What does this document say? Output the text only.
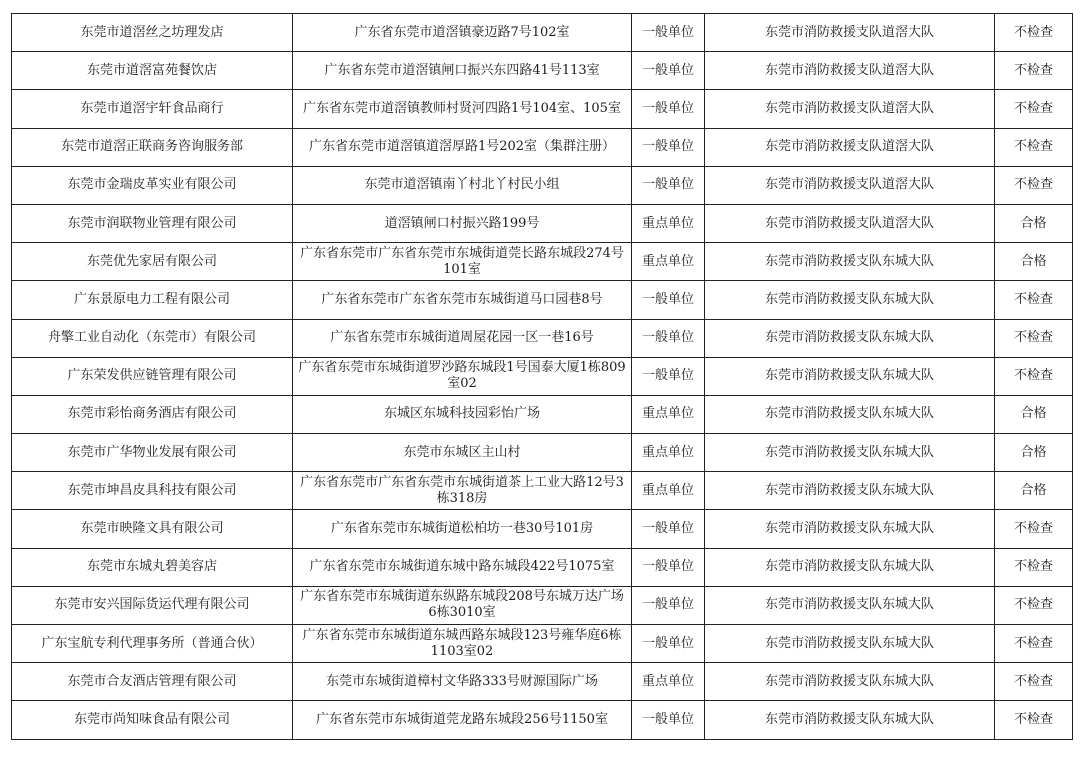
东莞市道滘丝之坊理发店	广东省东莞市道滘镇豪迈路7号102室	一般单位	东莞市消防救援支队道滘大队	不检查
东莞市道滘富苑餐饮店	广东省东莞市道滘镇闸口振兴东四路41号113室	一般单位	东莞市消防救援支队道滘大队	不检查
东莞市道滘宇轩食品商行	广东省东莞市道滘镇教师村贤河四路1号104室、105室	一般单位	东莞市消防救援支队道滘大队	不检查
东莞市道滘正联商务咨询服务部	广东省东莞市道滘镇道滘厚路1号202室（集群注册）	一般单位	东莞市消防救援支队道滘大队	不检查
东莞市金瑞皮革实业有限公司	东莞市道滘镇南丫村北丫村民小组	一般单位	东莞市消防救援支队道滘大队	不检查
东莞市润联物业管理有限公司	道滘镇闸口村振兴路199号	重点单位	东莞市消防救援支队道滘大队	合格
东莞优先家居有限公司	广东省东莞市广东省东莞市东城街道莞长路东城段274号101室	重点单位	东莞市消防救援支队东城大队	合格
广东景原电力工程有限公司	广东省东莞市广东省东莞市东城街道马口园巷8号	一般单位	东莞市消防救援支队东城大队	不检查
舟擎工业自动化（东莞市）有限公司	广东省东莞市东城街道周屋花园一区一巷16号	一般单位	东莞市消防救援支队东城大队	不检查
广东荣发供应链管理有限公司	广东省东莞市东城街道罗沙路东城段1号国泰大厦1栋809室02	一般单位	东莞市消防救援支队东城大队	不检查
东莞市彩怡商务酒店有限公司	东城区东城科技园彩怡广场	重点单位	东莞市消防救援支队东城大队	合格
东莞市广华物业发展有限公司	东莞市东城区主山村	重点单位	东莞市消防救援支队东城大队	合格
东莞市坤昌皮具科技有限公司	广东省东莞市广东省东莞市东城街道茶上工业大路12号3栋318房	重点单位	东莞市消防救援支队东城大队	合格
东莞市映隆文具有限公司	广东省东莞市东城街道松柏坊一巷30号101房	一般单位	东莞市消防救援支队东城大队	不检查
东莞市东城丸碧美容店	广东省东莞市东城街道东城中路东城段422号1075室	一般单位	东莞市消防救援支队东城大队	不检查
东莞市安兴国际货运代理有限公司	广东省东莞市东城街道东纵路东城段208号东城万达广场6栋3010室	一般单位	东莞市消防救援支队东城大队	不检查
广东宝航专利代理事务所（普通合伙）	广东省东莞市东城街道东城西路东城段123号雍华庭6栋1103室02	一般单位	东莞市消防救援支队东城大队	不检查
东莞市合友酒店管理有限公司	东莞市东城街道樟村文华路333号财源国际广场	重点单位	东莞市消防救援支队东城大队	不检查
东莞市尚知味食品有限公司	广东省东莞市东城街道莞龙路东城段256号1150室	一般单位	东莞市消防救援支队东城大队	不检查
